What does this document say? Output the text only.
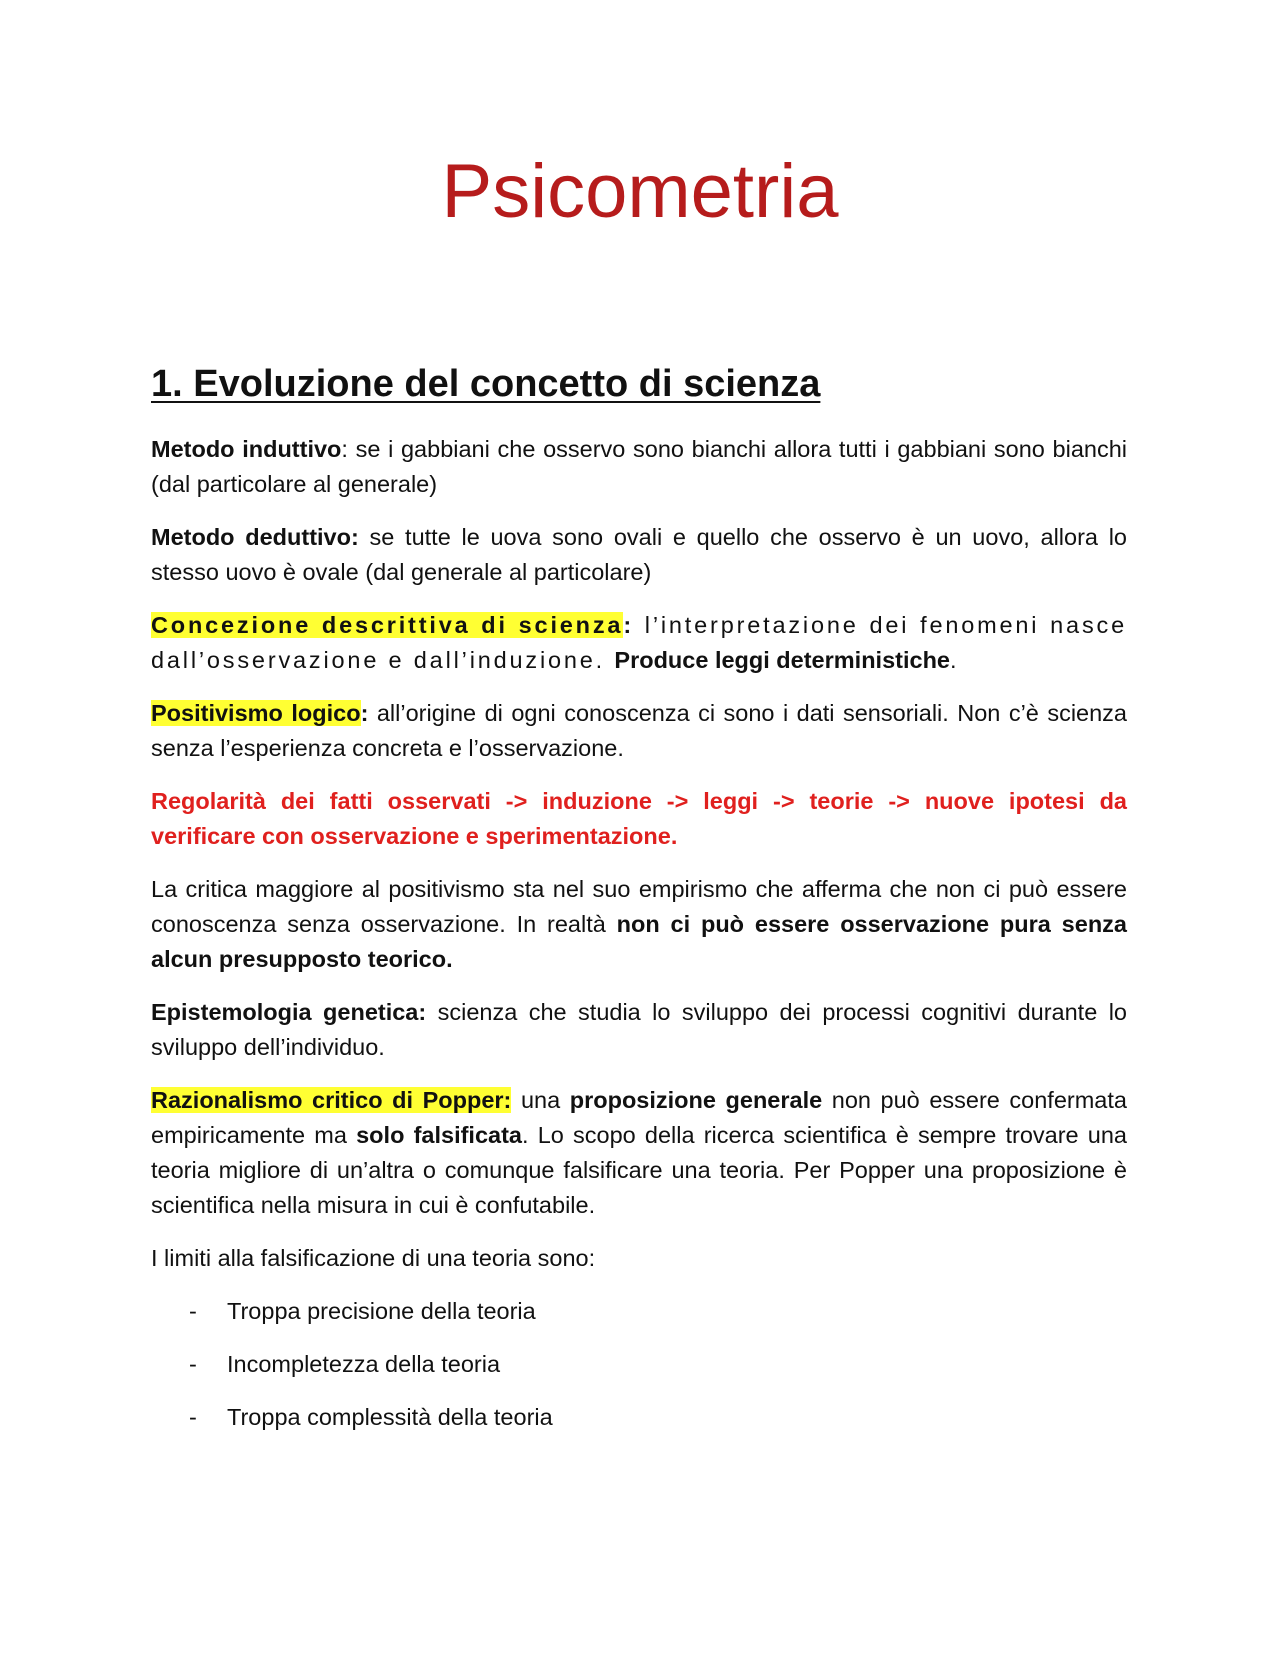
Psicometria
1. Evoluzione del concetto di scienza

Metodo induttivo: se i gabbiani che osservo sono bianchi allora tutti i gabbiani sono bianchi (dal particolare al generale)

Metodo deduttivo: se tutte le uova sono ovali e quello che osservo è un uovo, allora lo stesso uovo è ovale (dal generale al particolare)

Concezione descrittiva di scienza: l’interpretazione dei fenomeni nasce dall’osservazione e dall’induzione. Produce leggi deterministiche.

Positivismo logico: all’origine di ogni conoscenza ci sono i dati sensoriali. Non c’è scienza senza l’esperienza concreta e l’osservazione.

Regolarità dei fatti osservati -> induzione -> leggi -> teorie -> nuove ipotesi da verificare con osservazione e sperimentazione.

La critica maggiore al positivismo sta nel suo empirismo che afferma che non ci può essere conoscenza senza osservazione. In realtà non ci può essere osservazione pura senza alcun presupposto teorico.

Epistemologia genetica: scienza che studia lo sviluppo dei processi cognitivi durante lo sviluppo dell’individuo.

Razionalismo critico di Popper: una proposizione generale non può essere confermata empiricamente ma solo falsificata. Lo scopo della ricerca scientifica è sempre trovare una teoria migliore di un’altra o comunque falsificare una teoria. Per Popper una proposizione è scientifica nella misura in cui è confutabile.

I limiti alla falsificazione di una teoria sono:

- Troppa precisione della teoria
- Incompletezza della teoria
- Troppa complessità della teoria
